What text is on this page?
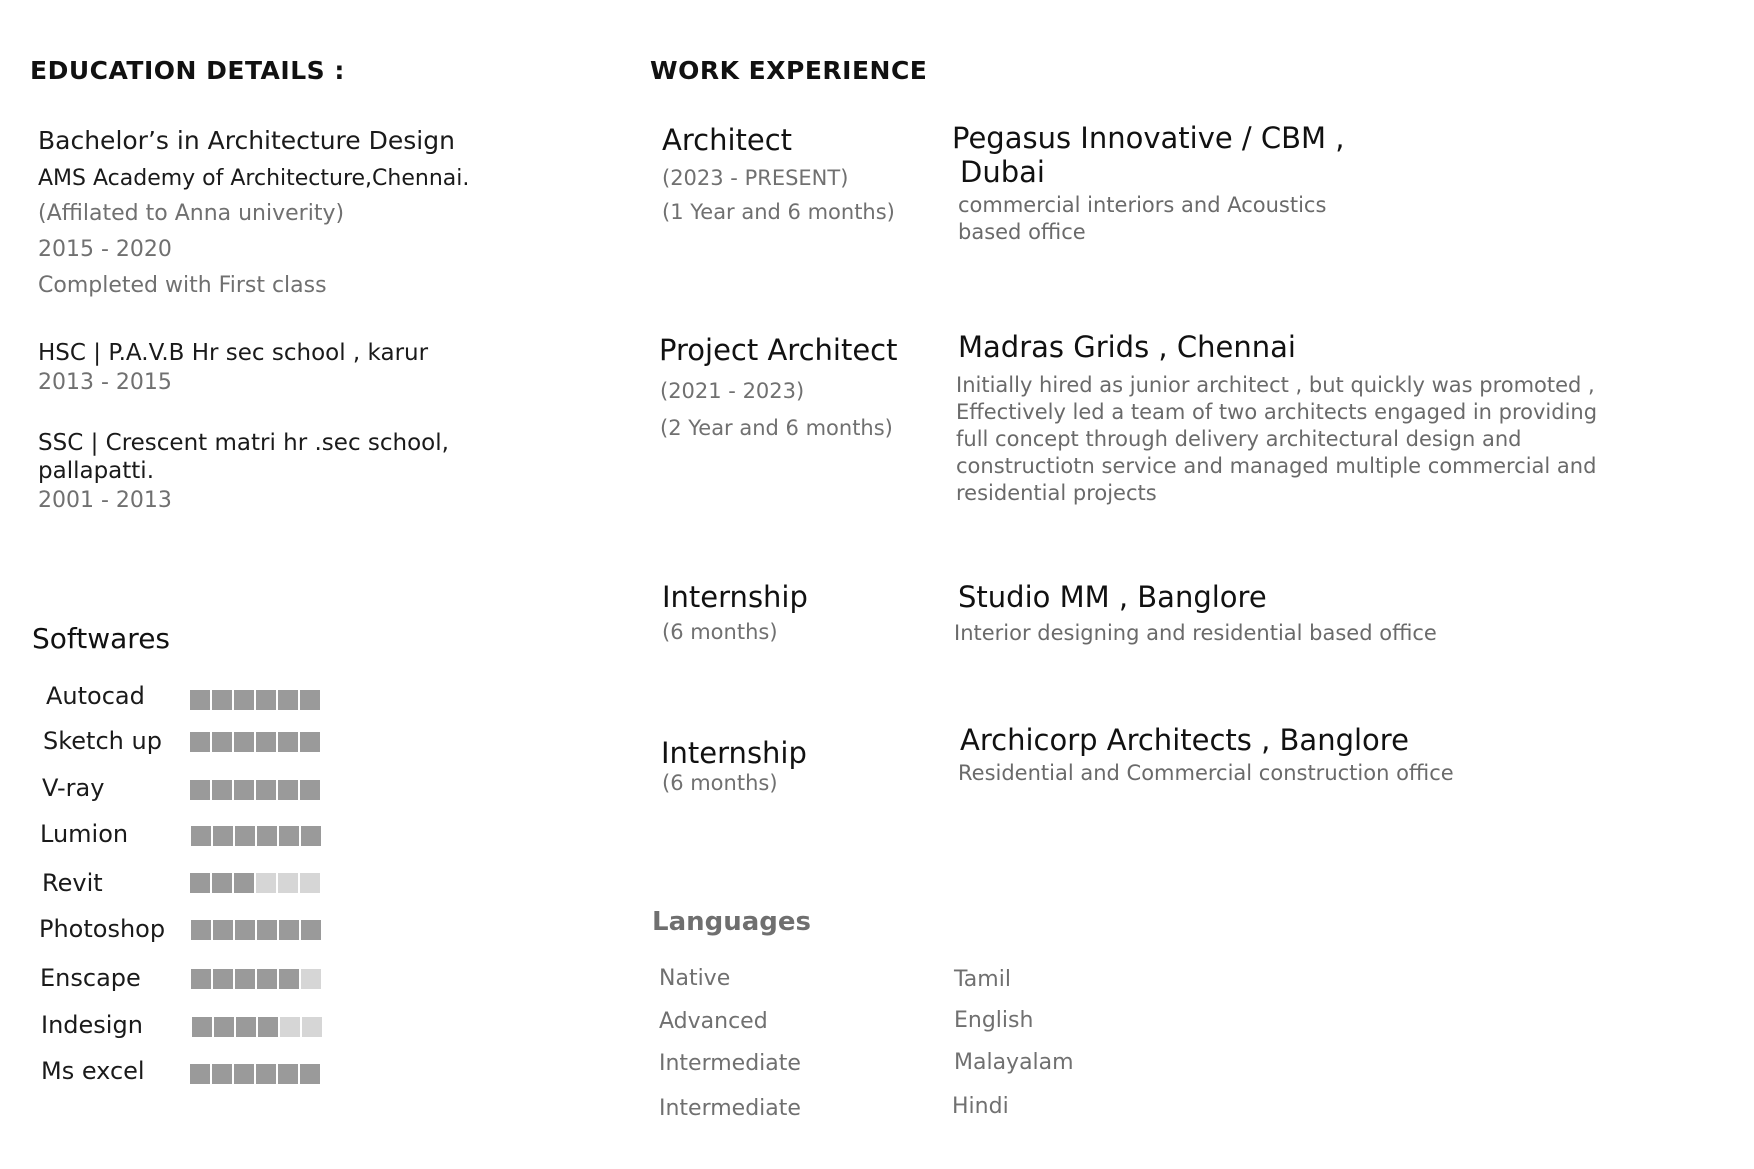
EDUCATION DETAILS :
Bachelor’s in Architecture Design
AMS Academy of Architecture,Chennai.
(Affilated to Anna univerity)
2015 - 2020
Completed with First class
HSC | P.A.V.B Hr sec school , karur
2013 - 2015
SSC | Crescent matri hr .sec school,
pallapatti.
2001 - 2013
Softwares
Autocad
Sketch up
V-ray
Lumion
Revit
Photoshop
Enscape
Indesign
Ms excel
WORK EXPERIENCE
Architect
(2023 - PRESENT)
(1 Year and 6 months)
Pegasus Innovative / CBM ,
Dubai
commercial interiors and Acoustics
based office
Project Architect
(2021 - 2023)
(2 Year and 6 months)
Madras Grids , Chennai
Initially hired as junior architect , but quickly was promoted ,
Effectively led a team of two architects engaged in providing
full concept through delivery architectural design and
constructiotn service and managed multiple commercial and
residential projects
Internship
(6 months)
Studio MM , Banglore
Interior designing and residential based office
Internship
(6 months)
Archicorp Architects , Banglore
Residential and Commercial construction office
Languages
Native	Tamil
Advanced	English
Intermediate	Malayalam
Intermediate	Hindi
